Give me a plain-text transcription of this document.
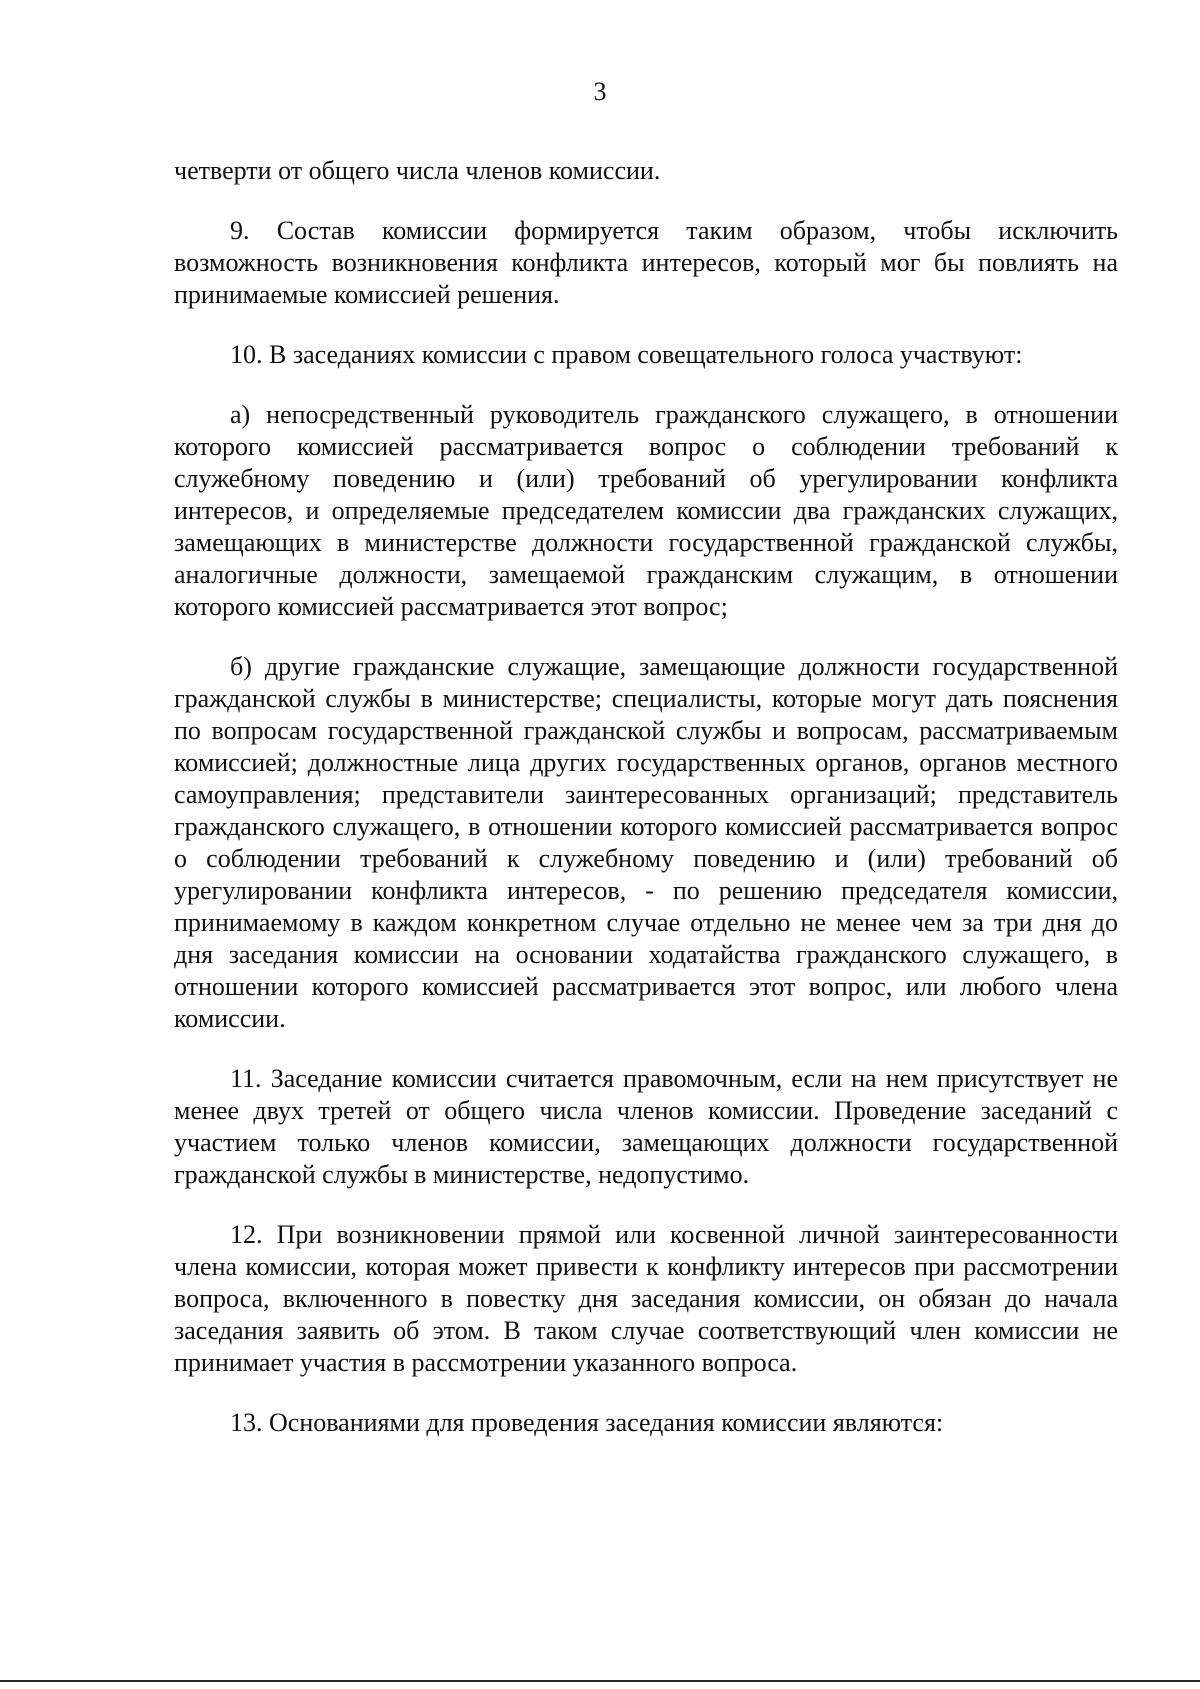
3

четверти от общего числа членов комиссии.

9. Состав комиссии формируется таким образом, чтобы исключить возможность возникновения конфликта интересов, который мог бы повлиять на принимаемые комиссией решения.

10. В заседаниях комиссии с правом совещательного голоса участвуют:

а) непосредственный руководитель гражданского служащего, в отношении которого комиссией рассматривается вопрос о соблюдении требований к служебному поведению и (или) требований об урегулировании конфликта интересов, и определяемые председателем комиссии два гражданских служащих, замещающих в министерстве должности государственной гражданской службы, аналогичные должности, замещаемой гражданским служащим, в отношении которого комиссией рассматривается этот вопрос;

б) другие гражданские служащие, замещающие должности государственной гражданской службы в министерстве; специалисты, которые могут дать пояснения по вопросам государственной гражданской службы и вопросам, рассматриваемым комиссией; должностные лица других государственных органов, органов местного самоуправления; представители заинтересованных организаций; представитель гражданского служащего, в отношении которого комиссией рассматривается вопрос о соблюдении требований к служебному поведению и (или) требований об урегулировании конфликта интересов, - по решению председателя комиссии, принимаемому в каждом конкретном случае отдельно не менее чем за три дня до дня заседания комиссии на основании ходатайства гражданского служащего, в отношении которого комиссией рассматривается этот вопрос, или любого члена комиссии.

11. Заседание комиссии считается правомочным, если на нем присутствует не менее двух третей от общего числа членов комиссии. Проведение заседаний с участием только членов комиссии, замещающих должности государственной гражданской службы в министерстве, недопустимо.

12. При возникновении прямой или косвенной личной заинтересованности члена комиссии, которая может привести к конфликту интересов при рассмотрении вопроса, включенного в повестку дня заседания комиссии, он обязан до начала заседания заявить об этом. В таком случае соответствующий член комиссии не принимает участия в рассмотрении указанного вопроса.

13. Основаниями для проведения заседания комиссии являются:
